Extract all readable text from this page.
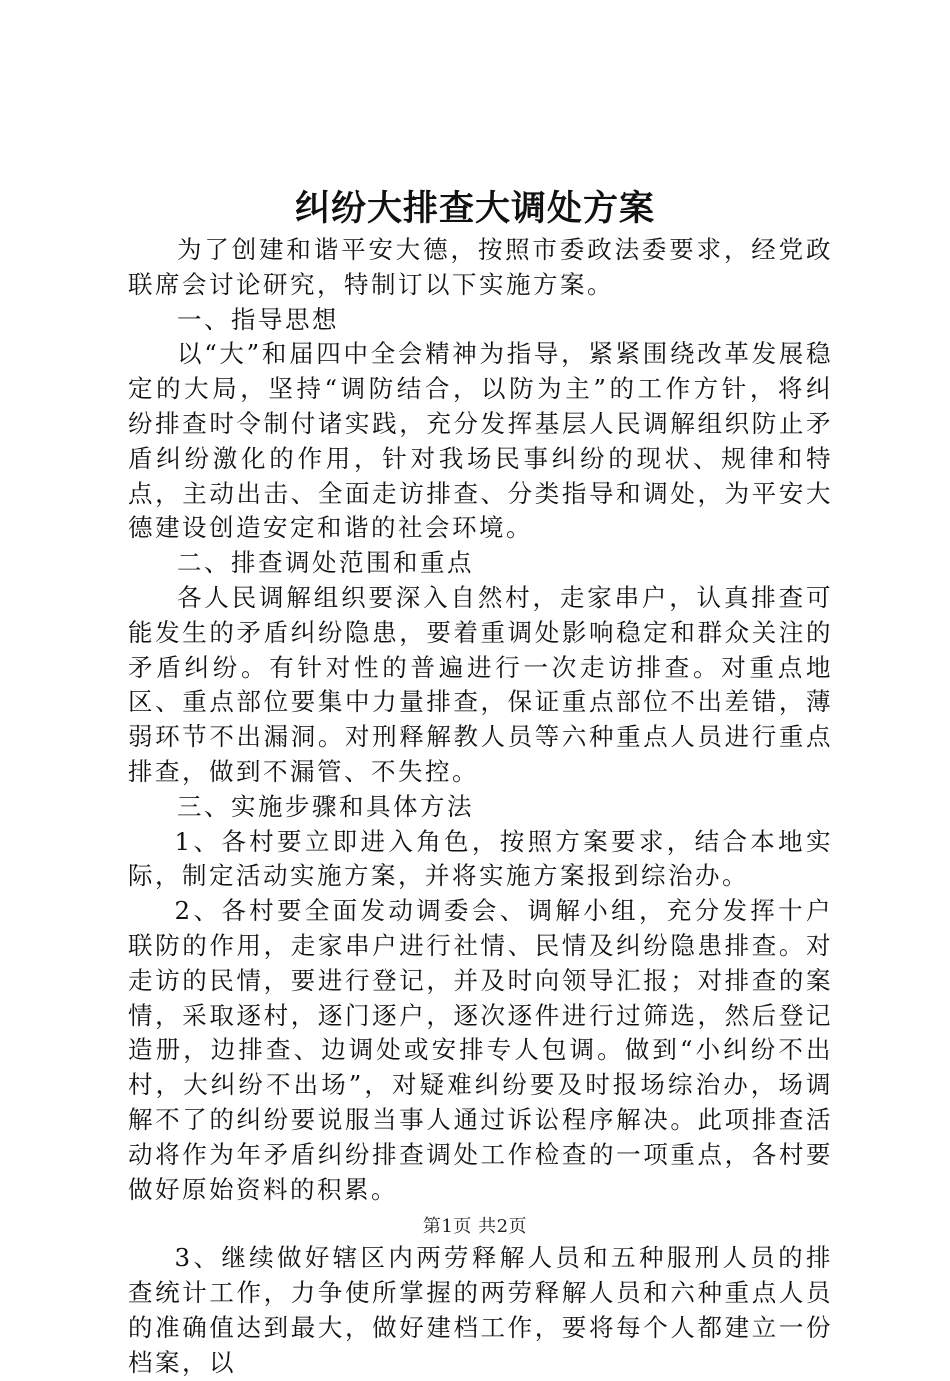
纠纷大排查大调处方案

为了创建和谐平安大德，按照市委政法委要求，经党政联席会讨论研究，特制订以下实施方案。

一、指导思想

以“大”和届四中全会精神为指导，紧紧围绕改革发展稳定的大局，坚持“调防结合，以防为主”的工作方针，将纠纷排查时令制付诸实践，充分发挥基层人民调解组织防止矛盾纠纷激化的作用，针对我场民事纠纷的现状、规律和特点，主动出击、全面走访排查、分类指导和调处，为平安大德建设创造安定和谐的社会环境。

二、排查调处范围和重点

各人民调解组织要深入自然村，走家串户，认真排查可能发生的矛盾纠纷隐患，要着重调处影响稳定和群众关注的矛盾纠纷。有针对性的普遍进行一次走访排查。对重点地区、重点部位要集中力量排查，保证重点部位不出差错，薄弱环节不出漏洞。对刑释解教人员等六种重点人员进行重点排查，做到不漏管、不失控。

三、实施步骤和具体方法

1、各村要立即进入角色，按照方案要求，结合本地实际，制定活动实施方案，并将实施方案报到综治办。

2、各村要全面发动调委会、调解小组，充分发挥十户联防的作用，走家串户进行社情、民情及纠纷隐患排查。对走访的民情，要进行登记，并及时向领导汇报；对排查的案情，采取逐村，逐门逐户，逐次逐件进行过筛选，然后登记造册，边排查、边调处或安排专人包调。做到“小纠纷不出村，大纠纷不出场”，对疑难纠纷要及时报场综治办，场调解不了的纠纷要说服当事人通过诉讼程序解决。此项排查活动将作为年矛盾纠纷排查调处工作检查的一项重点，各村要做好原始资料的积累。

3、继续做好辖区内两劳释解人员和五种服刑人员的排查统计工作，力争使所掌握的两劳释解人员和六种重点人员的准确值达到最大，做好建档工作，要将每个人都建立一份档案，以

第1页 共2页
